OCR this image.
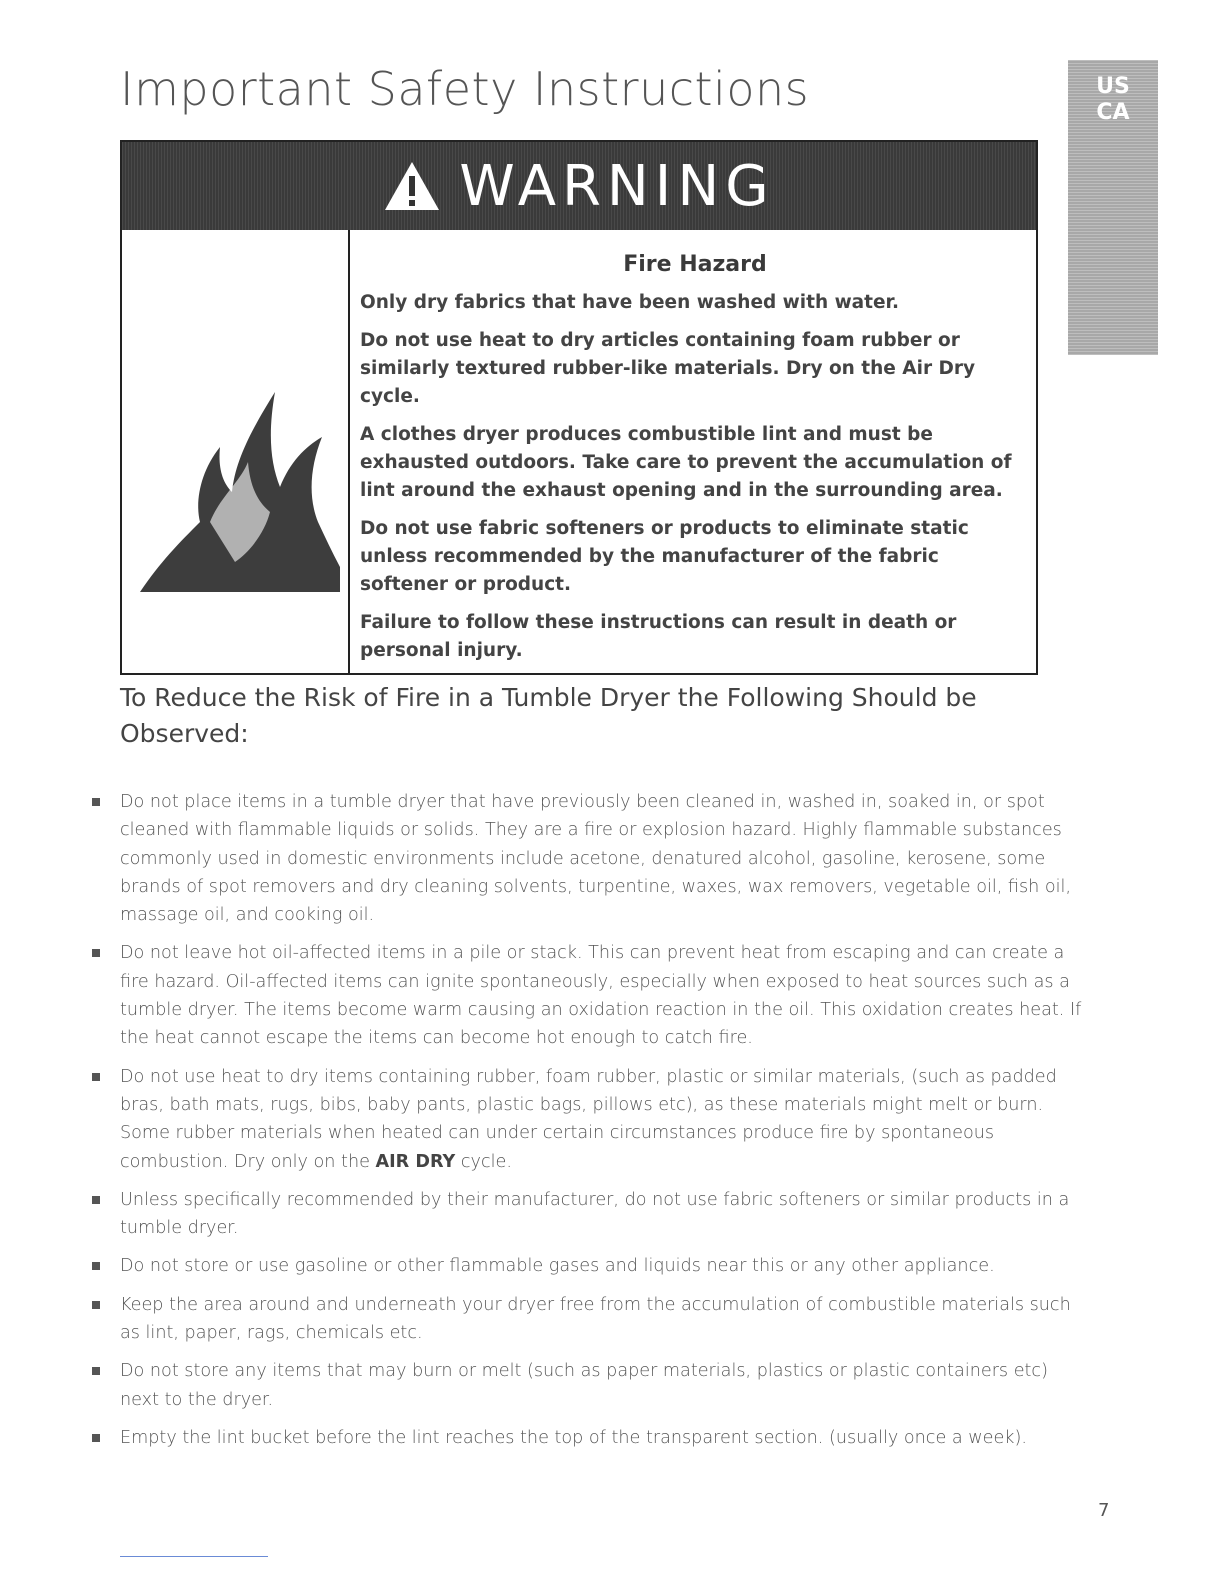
Important Safety Instructions	US
CA
WARNING
Fire Hazard

Only dry fabrics that have been washed with water.

Do not use heat to dry articles containing foam rubber or similarly textured rubber-like materials. Dry on the Air Dry cycle.

A clothes dryer produces combustible lint and must be exhausted outdoors. Take care to prevent the accumulation of lint around the exhaust opening and in the surrounding area.

Do not use fabric softeners or products to eliminate static unless recommended by the manufacturer of the fabric softener or product.

Failure to follow these instructions can result in death or personal injury.

To Reduce the Risk of Fire in a Tumble Dryer the Following Should be Observed:
Do not place items in a tumble dryer that have previously been cleaned in, washed in, soaked in, or spot cleaned with flammable liquids or solids. They are a fire or explosion hazard. Highly flammable substances commonly used in domestic environments include acetone, denatured alcohol, gasoline, kerosene, some brands of spot removers and dry cleaning solvents, turpentine, waxes, wax removers, vegetable oil, fish oil, massage oil, and cooking oil.
Do not leave hot oil-affected items in a pile or stack. This can prevent heat from escaping and can create a fire hazard. Oil-affected items can ignite spontaneously, especially when exposed to heat sources such as a tumble dryer. The items become warm causing an oxidation reaction in the oil. This oxidation creates heat. If the heat cannot escape the items can become hot enough to catch fire.
Do not use heat to dry items containing rubber, foam rubber, plastic or similar materials, (such as padded bras, bath mats, rugs, bibs, baby pants, plastic bags, pillows etc), as these materials might melt or burn. Some rubber materials when heated can under certain circumstances produce fire by spontaneous combustion. Dry only on the AIR DRY cycle.
Unless specifically recommended by their manufacturer, do not use fabric softeners or similar products in a tumble dryer.
Do not store or use gasoline or other flammable gases and liquids near this or any other appliance.
Keep the area around and underneath your dryer free from the accumulation of combustible materials such as lint, paper, rags, chemicals etc.
Do not store any items that may burn or melt (such as paper materials, plastics or plastic containers etc) next to the dryer.
Empty the lint bucket before the lint reaches the top of the transparent section. (usually once a week).
7
